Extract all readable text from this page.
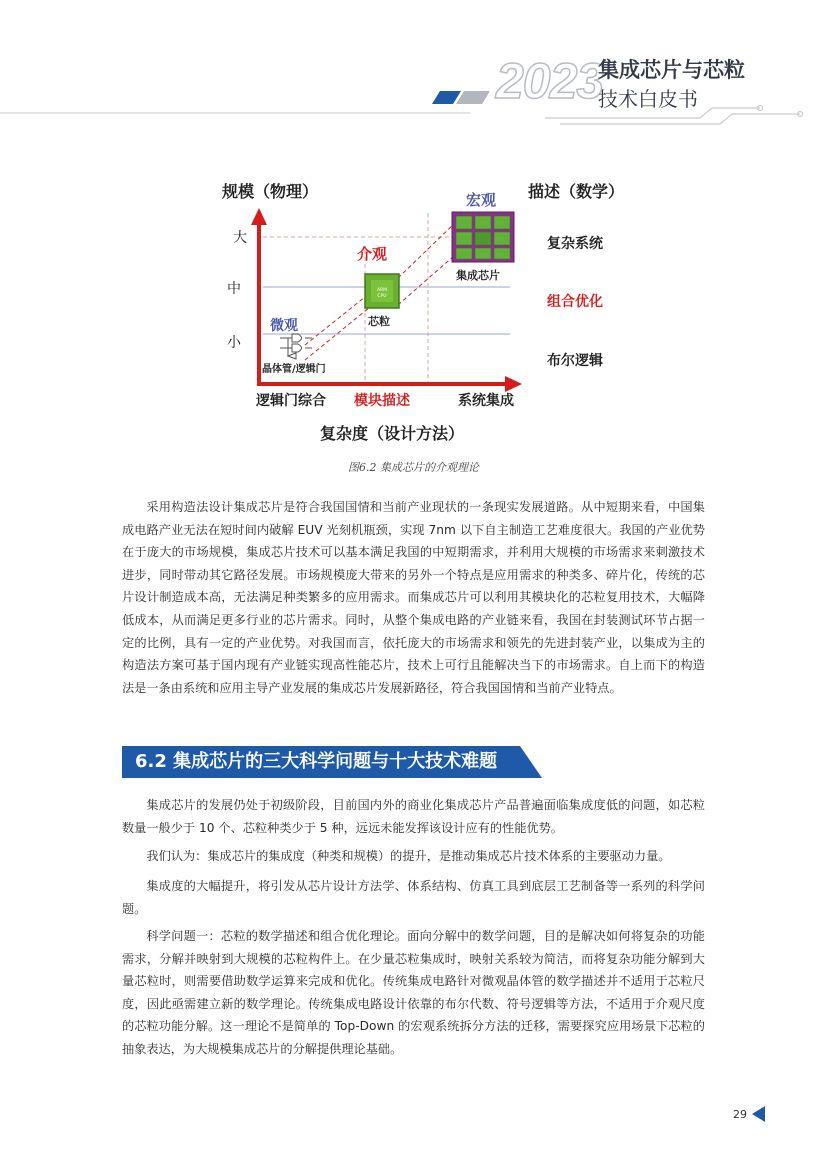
2023
集成芯片与芯粒
技术白皮书
大
中
小
规模（物理）	描述（数学）
复杂系统
组合优化
布尔逻辑
逻辑门综合 模块描述	系统集成
复杂度（设计方法）
微观
晶体管/逻辑门
介观
ARM
CPU
芯粒
宏观
集成芯片
图6.2 集成芯片的介观理论

采用构造法设计集成芯片是符合我国国情和当前产业现状的一条现实发展道路。从中短期来看，中国集成电路产业无法在短时间内破解 EUV 光刻机瓶颈，实现 7nm 以下自主制造工艺难度很大。我国的产业优势在于庞大的市场规模，集成芯片技术可以基本满足我国的中短期需求，并利用大规模的市场需求来刺激技术进步，同时带动其它路径发展。市场规模庞大带来的另外一个特点是应用需求的种类多、碎片化，传统的芯片设计制造成本高，无法满足种类繁多的应用需求。而集成芯片可以利用其模块化的芯粒复用技术，大幅降低成本，从而满足更多行业的芯片需求。同时，从整个集成电路的产业链来看，我国在封装测试环节占据一定的比例，具有一定的产业优势。对我国而言，依托庞大的市场需求和领先的先进封装产业，以集成为主的构造法方案可基于国内现有产业链实现高性能芯片，技术上可行且能解决当下的市场需求。自上而下的构造法是一条由系统和应用主导产业发展的集成芯片发展新路径，符合我国国情和当前产业特点。

6.2 集成芯片的三大科学问题与十大技术难题

集成芯片的发展仍处于初级阶段，目前国内外的商业化集成芯片产品普遍面临集成度低的问题，如芯粒数量一般少于 10 个、芯粒种类少于 5 种，远远未能发挥该设计应有的性能优势。

我们认为：集成芯片的集成度（种类和规模）的提升，是推动集成芯片技术体系的主要驱动力量。

集成度的大幅提升，将引发从芯片设计方法学、体系结构、仿真工具到底层工艺制备等一系列的科学问题。

科学问题一：芯粒的数学描述和组合优化理论。面向分解中的数学问题，目的是解决如何将复杂的功能需求，分解并映射到大规模的芯粒构件上。在少量芯粒集成时，映射关系较为简洁，而将复杂功能分解到大量芯粒时，则需要借助数学运算来完成和优化。传统集成电路针对微观晶体管的数学描述并不适用于芯粒尺度，因此亟需建立新的数学理论。传统集成电路设计依靠的布尔代数、符号逻辑等方法，不适用于介观尺度的芯粒功能分解。这一理论不是简单的 Top-Down 的宏观系统拆分方法的迁移，需要探究应用场景下芯粒的抽象表达，为大规模集成芯片的分解提供理论基础。

29
